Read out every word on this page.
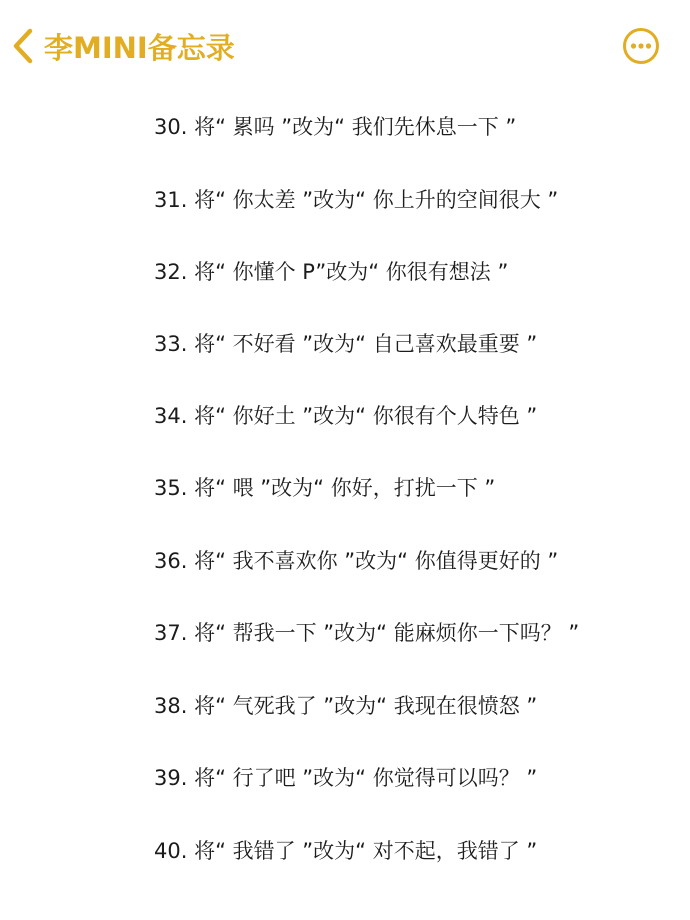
李MINI备忘录
30. 将“ 累吗 ”改为“ 我们先休息一下 ”
31. 将“ 你太差 ”改为“ 你上升的空间很大 ”
32. 将“ 你懂个 P”改为“ 你很有想法 ”
33. 将“ 不好看 ”改为“ 自己喜欢最重要 ”
34. 将“ 你好土 ”改为“ 你很有个人特色 ”
35. 将“ 喂 ”改为“ 你好，打扰一下 ”
36. 将“ 我不喜欢你 ”改为“ 你值得更好的 ”
37. 将“ 帮我一下 ”改为“ 能麻烦你一下吗？ ”
38. 将“ 气死我了 ”改为“ 我现在很愤怒 ”
39. 将“ 行了吧 ”改为“ 你觉得可以吗？ ”
40. 将“ 我错了 ”改为“ 对不起，我错了 ”
